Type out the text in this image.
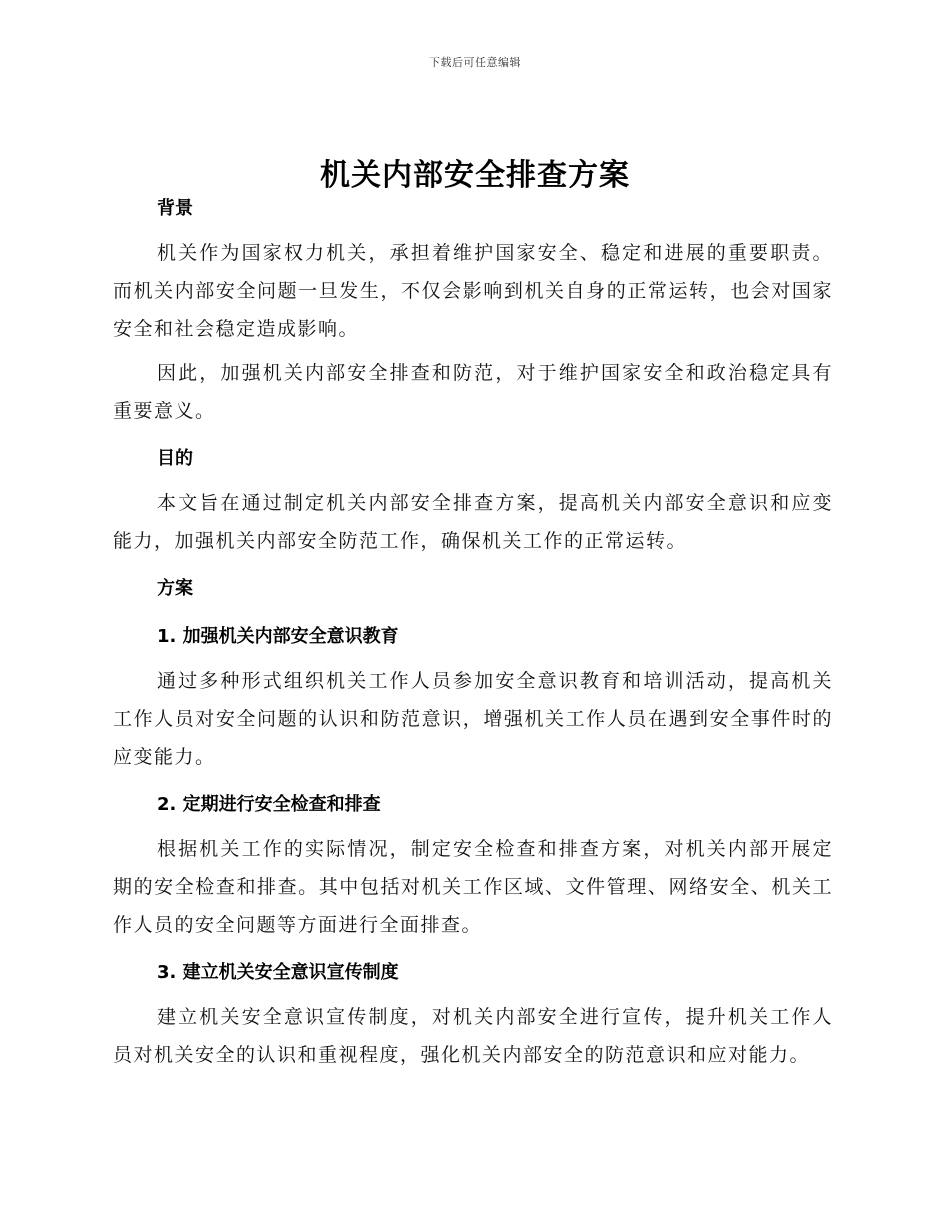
下载后可任意编辑
机关内部安全排查方案
背景

机关作为国家权力机关，承担着维护国家安全、稳定和进展的重要职责。而机关内部安全问题一旦发生，不仅会影响到机关自身的正常运转，也会对国家安全和社会稳定造成影响。

因此，加强机关内部安全排查和防范，对于维护国家安全和政治稳定具有重要意义。

目的

本文旨在通过制定机关内部安全排查方案，提高机关内部安全意识和应变能力，加强机关内部安全防范工作，确保机关工作的正常运转。

方案
1. 加强机关内部安全意识教育

通过多种形式组织机关工作人员参加安全意识教育和培训活动，提高机关工作人员对安全问题的认识和防范意识，增强机关工作人员在遇到安全事件时的应变能力。

2. 定期进行安全检查和排查

根据机关工作的实际情况，制定安全检查和排查方案，对机关内部开展定期的安全检查和排查。其中包括对机关工作区域、文件管理、网络安全、机关工作人员的安全问题等方面进行全面排查。

3. 建立机关安全意识宣传制度

建立机关安全意识宣传制度，对机关内部安全进行宣传，提升机关工作人员对机关安全的认识和重视程度，强化机关内部安全的防范意识和应对能力。
